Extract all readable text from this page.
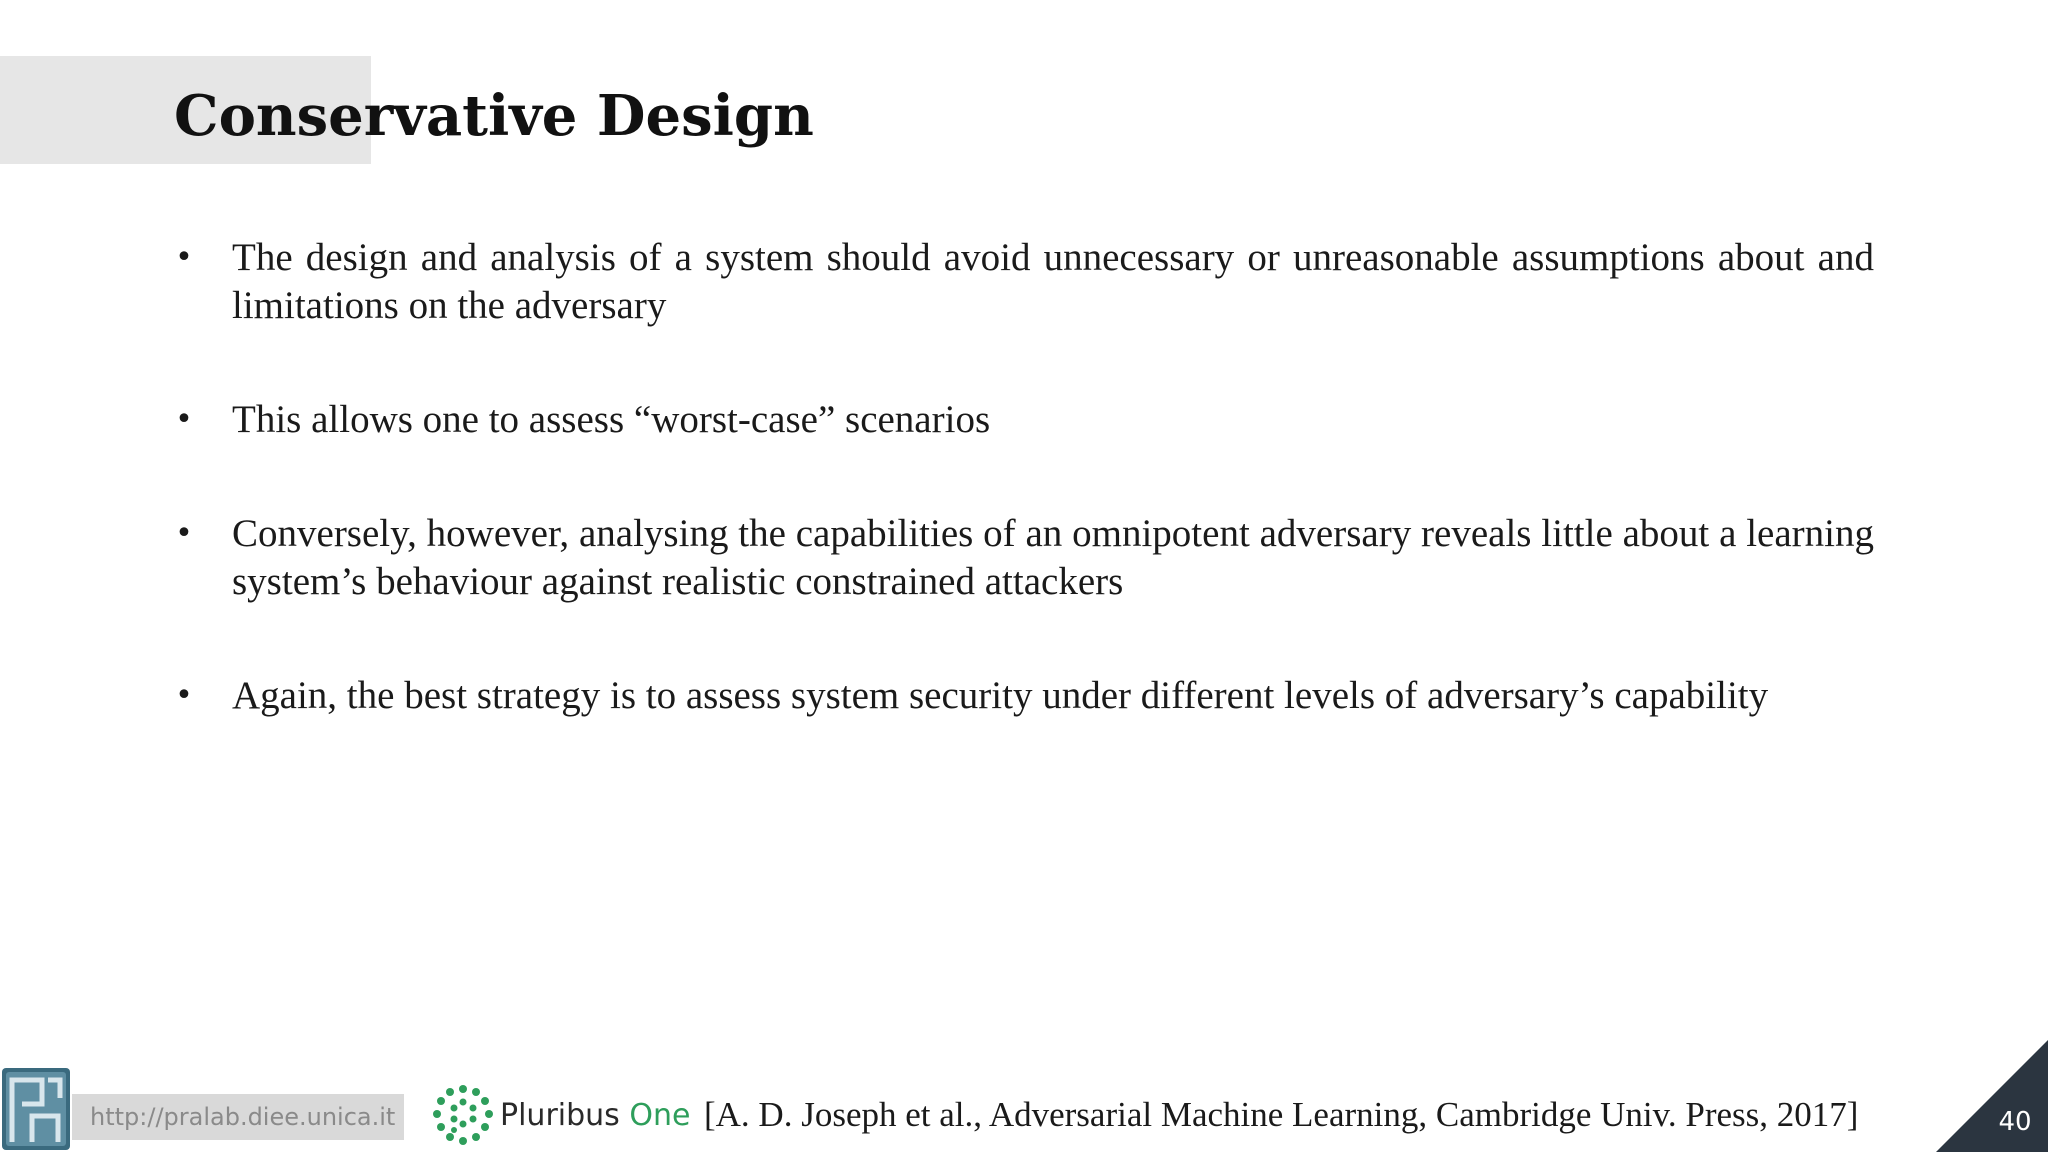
Conservative Design
• The design and analysis of a system should avoid unnecessary or unreasonable assumptions about and limitations on the adversary
• This allows one to assess “worst-case” scenarios
• Conversely, however, analysing the capabilities of an omnipotent adversary reveals little about a learning system’s behaviour against realistic constrained attackers
• Again, the best strategy is to assess system security under different levels of adversary’s capability
http://pralab.diee.unica.it	Pluribus One [A. D. Joseph et al., Adversarial Machine Learning, Cambridge Univ. Press, 2017]	40
